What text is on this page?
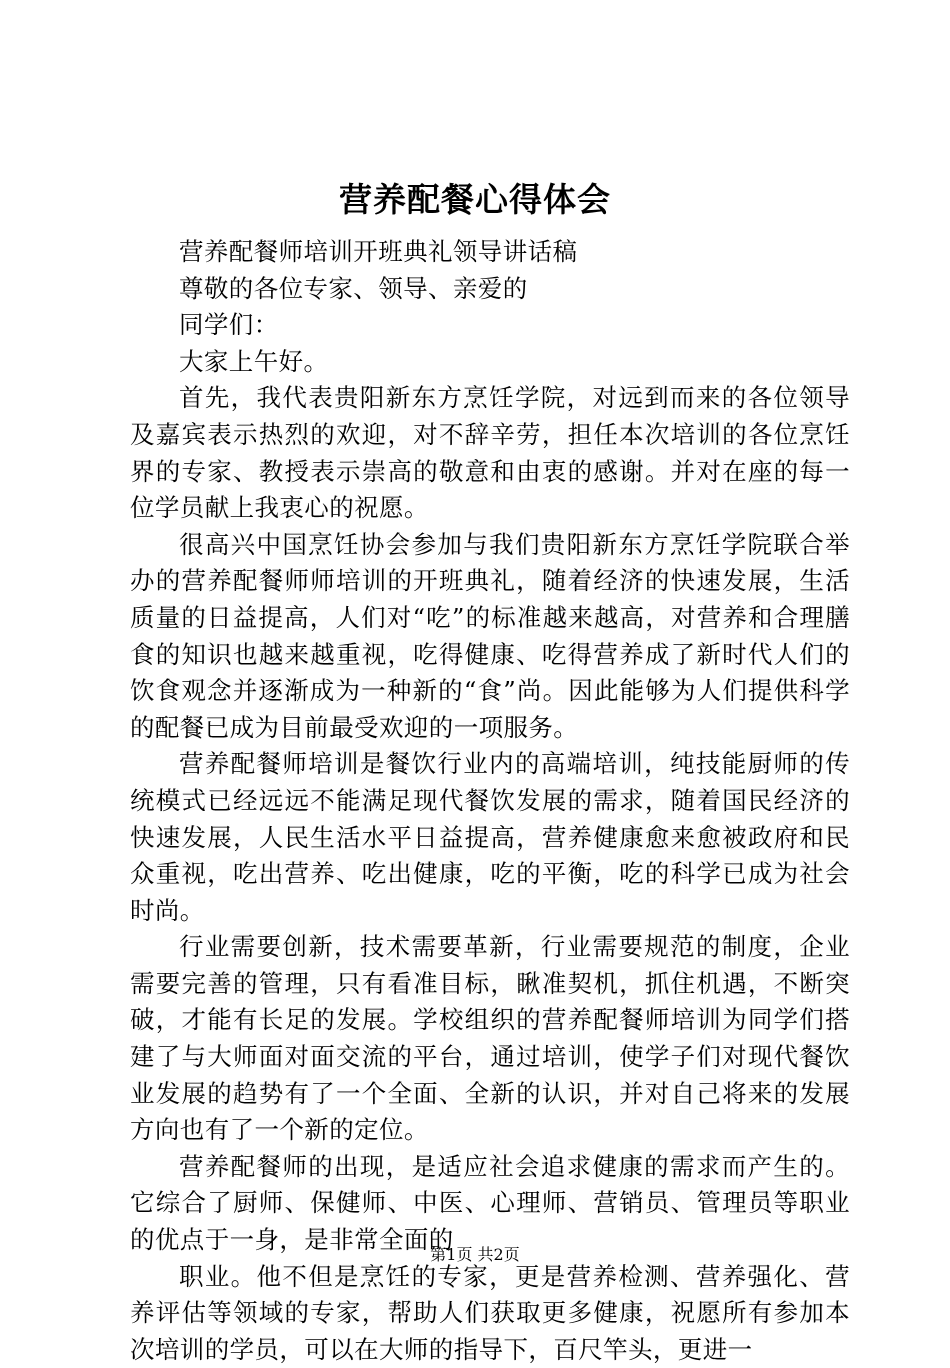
营养配餐心得体会

营养配餐师培训开班典礼领导讲话稿

尊敬的各位专家、领导、亲爱的

同学们：

大家上午好。

首先，我代表贵阳新东方烹饪学院，对远到而来的各位领导及嘉宾表示热烈的欢迎，对不辞辛劳，担任本次培训的各位烹饪界的专家、教授表示崇高的敬意和由衷的感谢。并对在座的每一位学员献上我衷心的祝愿。

很高兴中国烹饪协会参加与我们贵阳新东方烹饪学院联合举办的营养配餐师师培训的开班典礼，随着经济的快速发展，生活质量的日益提高，人们对“吃”的标准越来越高，对营养和合理膳食的知识也越来越重视，吃得健康、吃得营养成了新时代人们的饮食观念并逐渐成为一种新的“食”尚。因此能够为人们提供科学的配餐已成为目前最受欢迎的一项服务。

营养配餐师培训是餐饮行业内的高端培训，纯技能厨师的传统模式已经远远不能满足现代餐饮发展的需求，随着国民经济的快速发展，人民生活水平日益提高，营养健康愈来愈被政府和民众重视，吃出营养、吃出健康，吃的平衡，吃的科学已成为社会时尚。

行业需要创新，技术需要革新，行业需要规范的制度，企业需要完善的管理，只有看准目标，瞅准契机，抓住机遇，不断突破，才能有长足的发展。学校组织的营养配餐师培训为同学们搭建了与大师面对面交流的平台，通过培训，使学子们对现代餐饮业发展的趋势有了一个全面、全新的认识，并对自己将来的发展方向也有了一个新的定位。

营养配餐师的出现，是适应社会追求健康的需求而产生的。它综合了厨师、保健师、中医、心理师、营销员、管理员等职业的优点于一身，是非常全面的

职业。他不但是烹饪的专家，更是营养检测、营养强化、营养评估等领域的专家，帮助人们获取更多健康，祝愿所有参加本次培训的学员，可以在大师的指导下，百尺竿头，更进一

第1页 共2页
